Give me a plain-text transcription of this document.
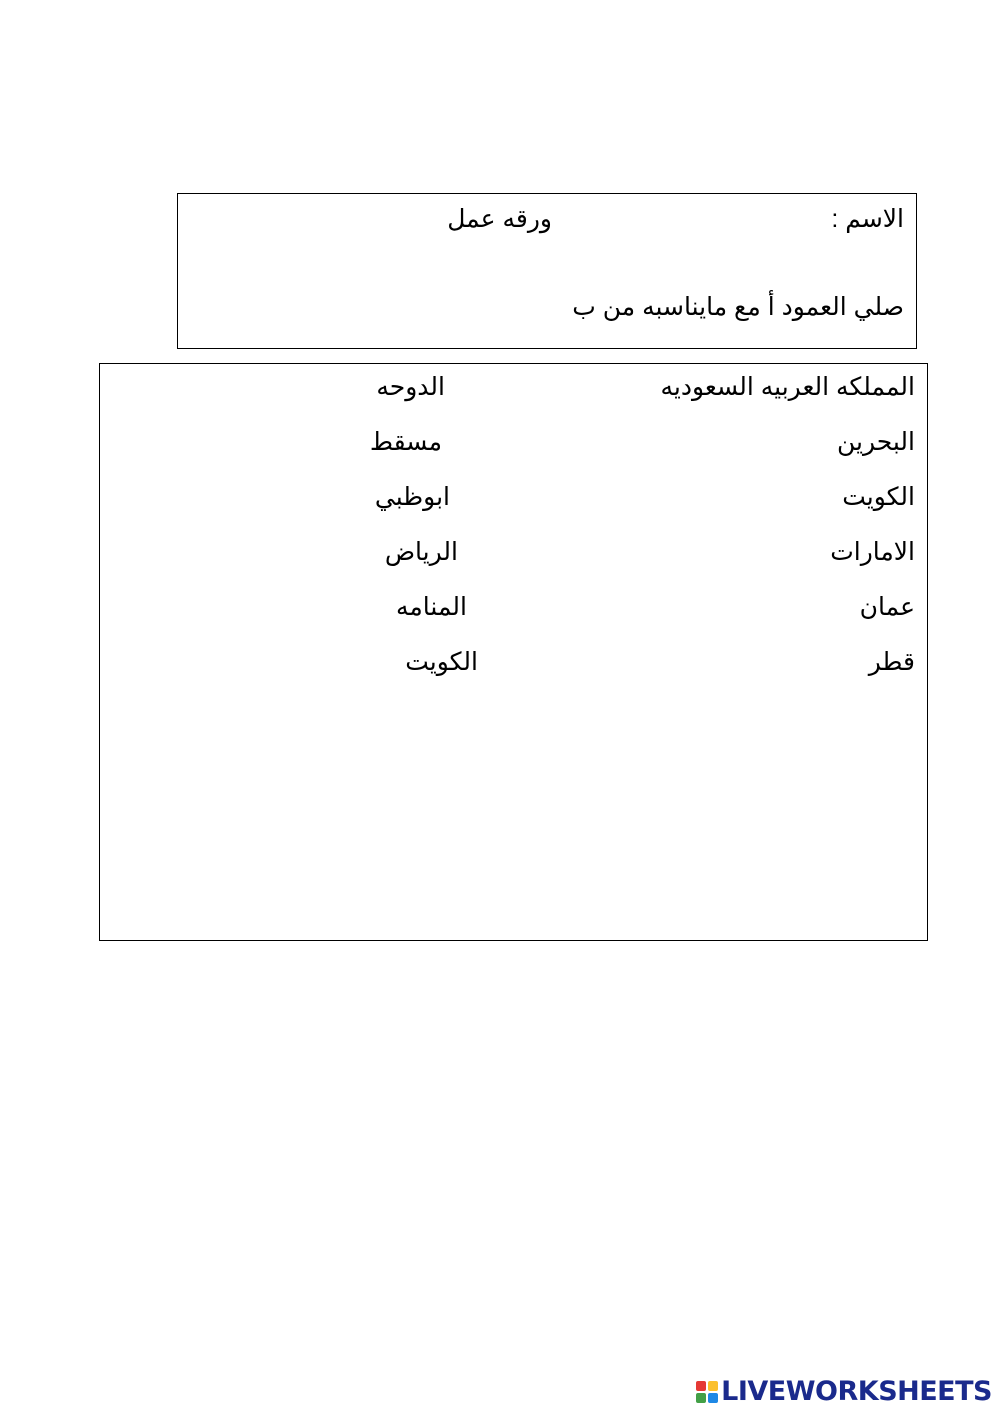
الاسم :
ورقه عمل
صلي العمود أ مع مايناسبه من ب
المملكه العربيه السعوديه
الدوحه
البحرين
مسقط
الكويت
ابوظبي
الامارات
الرياض
عمان
المنامه
قطر
الكويت
LIVEWORKSHEETS
